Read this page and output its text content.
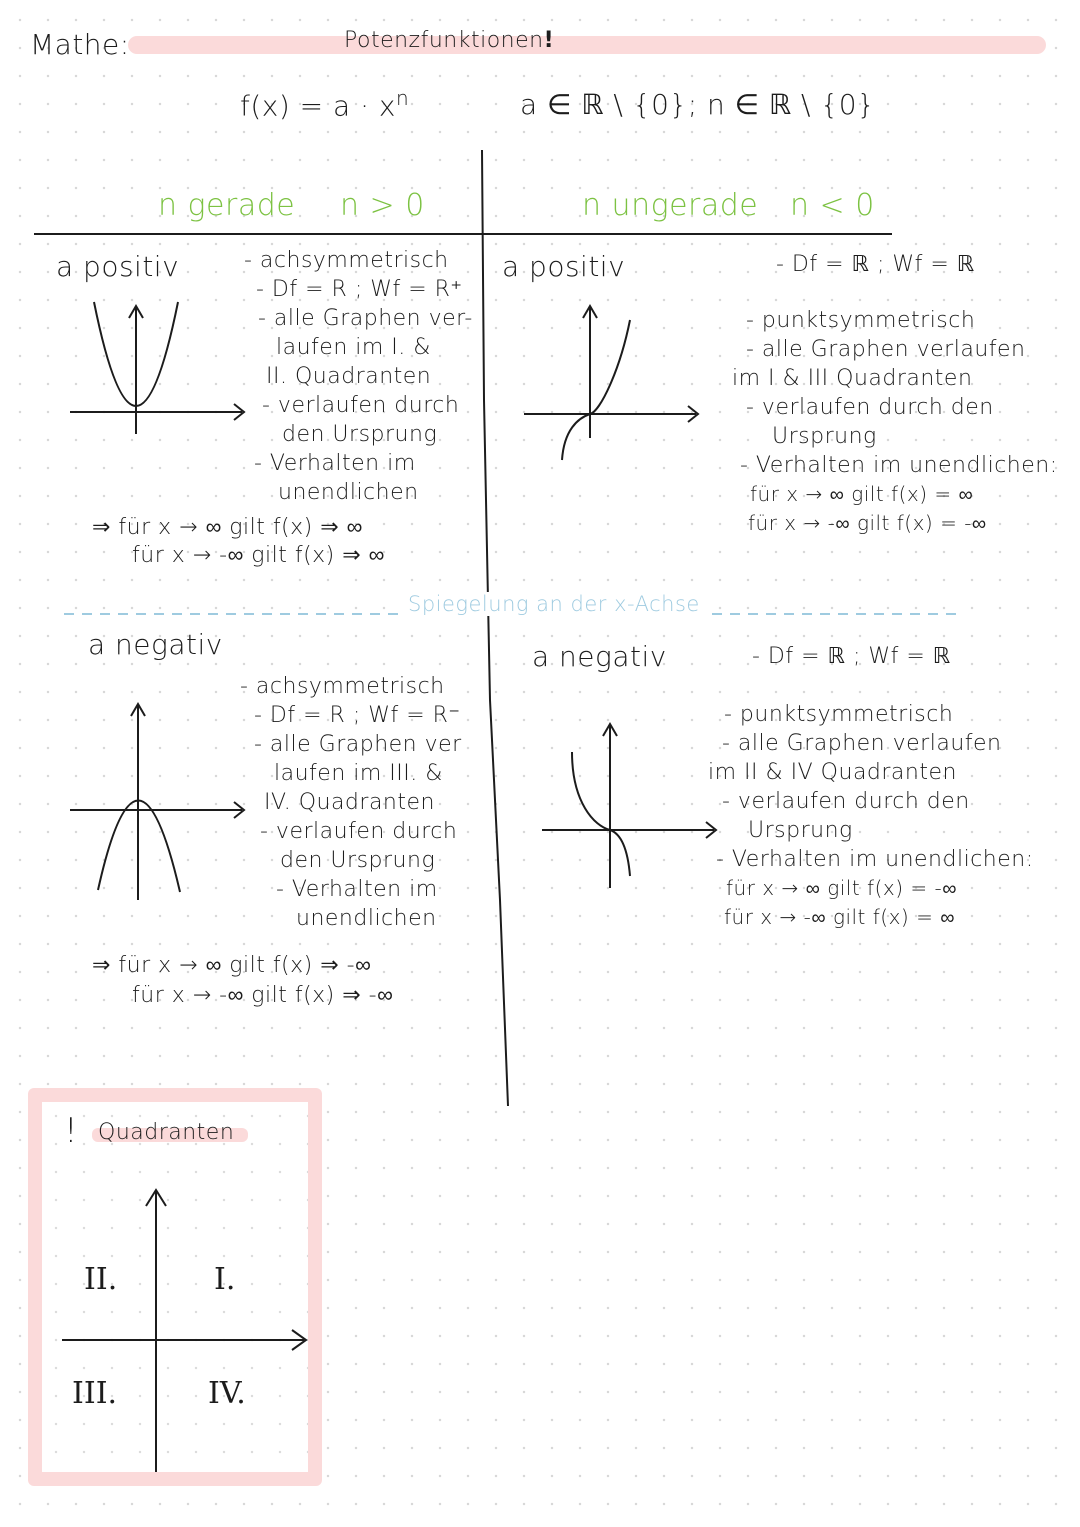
Mathe:	Potenzfunktionen!
$f(x) = a \cdot x^n$	a ∈ ℝ \ {0}; n ∈ ℝ \ {0}
n gerade n > 0	n ungerade n < 0
a positiv	- achsymmetrisch
- Df = R ; Wf = R⁺
- alle Graphen ver-
laufen im I. &
II. Quadranten
- verlaufen durch
den Ursprung
- Verhalten im
unendlichen
⇒ für x → ∞ gilt f(x) ⇒ ∞
für x → -∞ gilt f(x) ⇒ ∞
a positiv	- Df = ℝ ; Wf = ℝ
- punktsymmetrisch
- alle Graphen verlaufen
im I & III Quadranten
- verlaufen durch den
Ursprung
- Verhalten im unendlichen:
für x → ∞ gilt f(x) = ∞
für x → -∞ gilt f(x) = -∞
Spiegelung an der x-Achse
a negativ
- achsymmetrisch
- Df = R ; Wf = R⁻
- alle Graphen ver
laufen im III. &
IV. Quadranten
- verlaufen durch
den Ursprung
- Verhalten im
unendlichen
⇒ für x → ∞ gilt f(x) ⇒ -∞
für x → -∞ gilt f(x) ⇒ -∞
a negativ	- Df = ℝ ; Wf = ℝ
- punktsymmetrisch
- alle Graphen verlaufen
im II & IV Quadranten
- verlaufen durch den
Ursprung
- Verhalten im unendlichen:
für x → ∞ gilt f(x) = -∞
für x → -∞ gilt f(x) = ∞
! Quadranten
II.	I.
III.	IV.
